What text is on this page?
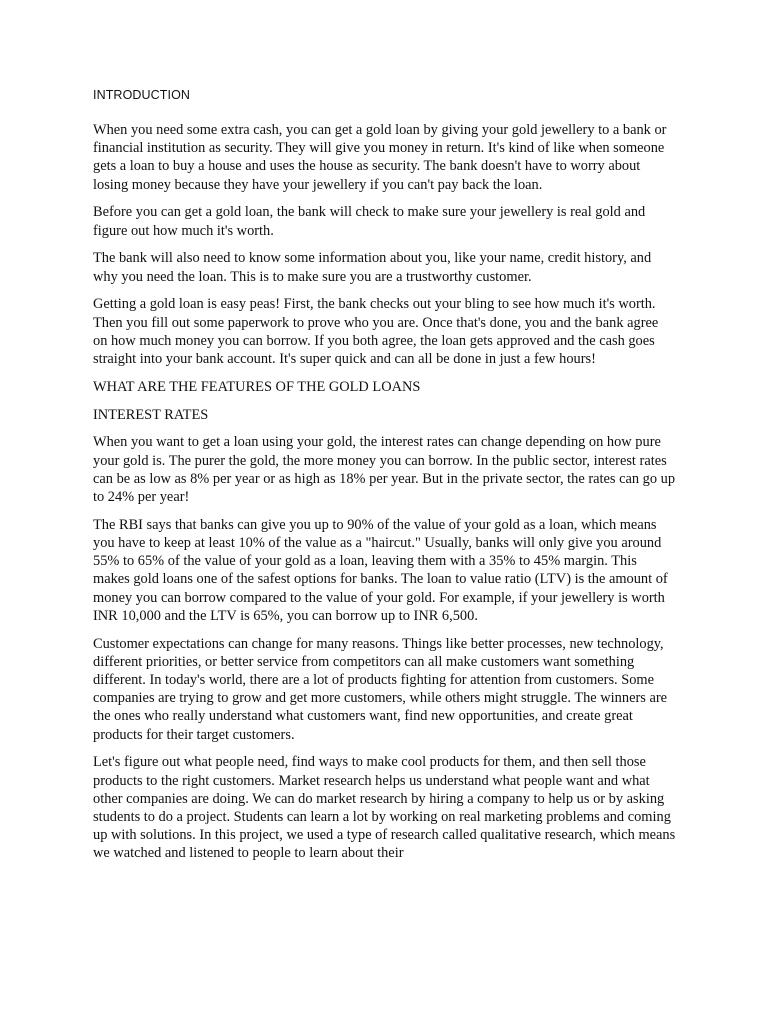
INTRODUCTION

When you need some extra cash, you can get a gold loan by giving your gold jewellery to a bank or financial institution as security. They will give you money in return. It's kind of like when someone gets a loan to buy a house and uses the house as security. The bank doesn't have to worry about losing money because they have your jewellery if you can't pay back the loan.

Before you can get a gold loan, the bank will check to make sure your jewellery is real gold and figure out how much it's worth.

The bank will also need to know some information about you, like your name, credit history, and why you need the loan. This is to make sure you are a trustworthy customer.

Getting a gold loan is easy peas! First, the bank checks out your bling to see how much it's worth. Then you fill out some paperwork to prove who you are. Once that's done, you and the bank agree on how much money you can borrow. If you both agree, the loan gets approved and the cash goes straight into your bank account. It's super quick and can all be done in just a few hours!

WHAT ARE THE FEATURES OF THE GOLD LOANS

INTEREST RATES

When you want to get a loan using your gold, the interest rates can change depending on how pure your gold is. The purer the gold, the more money you can borrow. In the public sector, interest rates can be as low as 8% per year or as high as 18% per year. But in the private sector, the rates can go up to 24% per year!

The RBI says that banks can give you up to 90% of the value of your gold as a loan, which means you have to keep at least 10% of the value as a "haircut." Usually, banks will only give you around 55% to 65% of the value of your gold as a loan, leaving them with a 35% to 45% margin. This makes gold loans one of the safest options for banks. The loan to value ratio (LTV) is the amount of money you can borrow compared to the value of your gold. For example, if your jewellery is worth INR 10,000 and the LTV is 65%, you can borrow up to INR 6,500.

Customer expectations can change for many reasons. Things like better processes, new technology, different priorities, or better service from competitors can all make customers want something different. In today's world, there are a lot of products fighting for attention from customers. Some companies are trying to grow and get more customers, while others might struggle. The winners are the ones who really understand what customers want, find new opportunities, and create great products for their target customers.

Let's figure out what people need, find ways to make cool products for them, and then sell those products to the right customers. Market research helps us understand what people want and what other companies are doing. We can do market research by hiring a company to help us or by asking students to do a project. Students can learn a lot by working on real marketing problems and coming up with solutions. In this project, we used a type of research called qualitative research, which means we watched and listened to people to learn about their
